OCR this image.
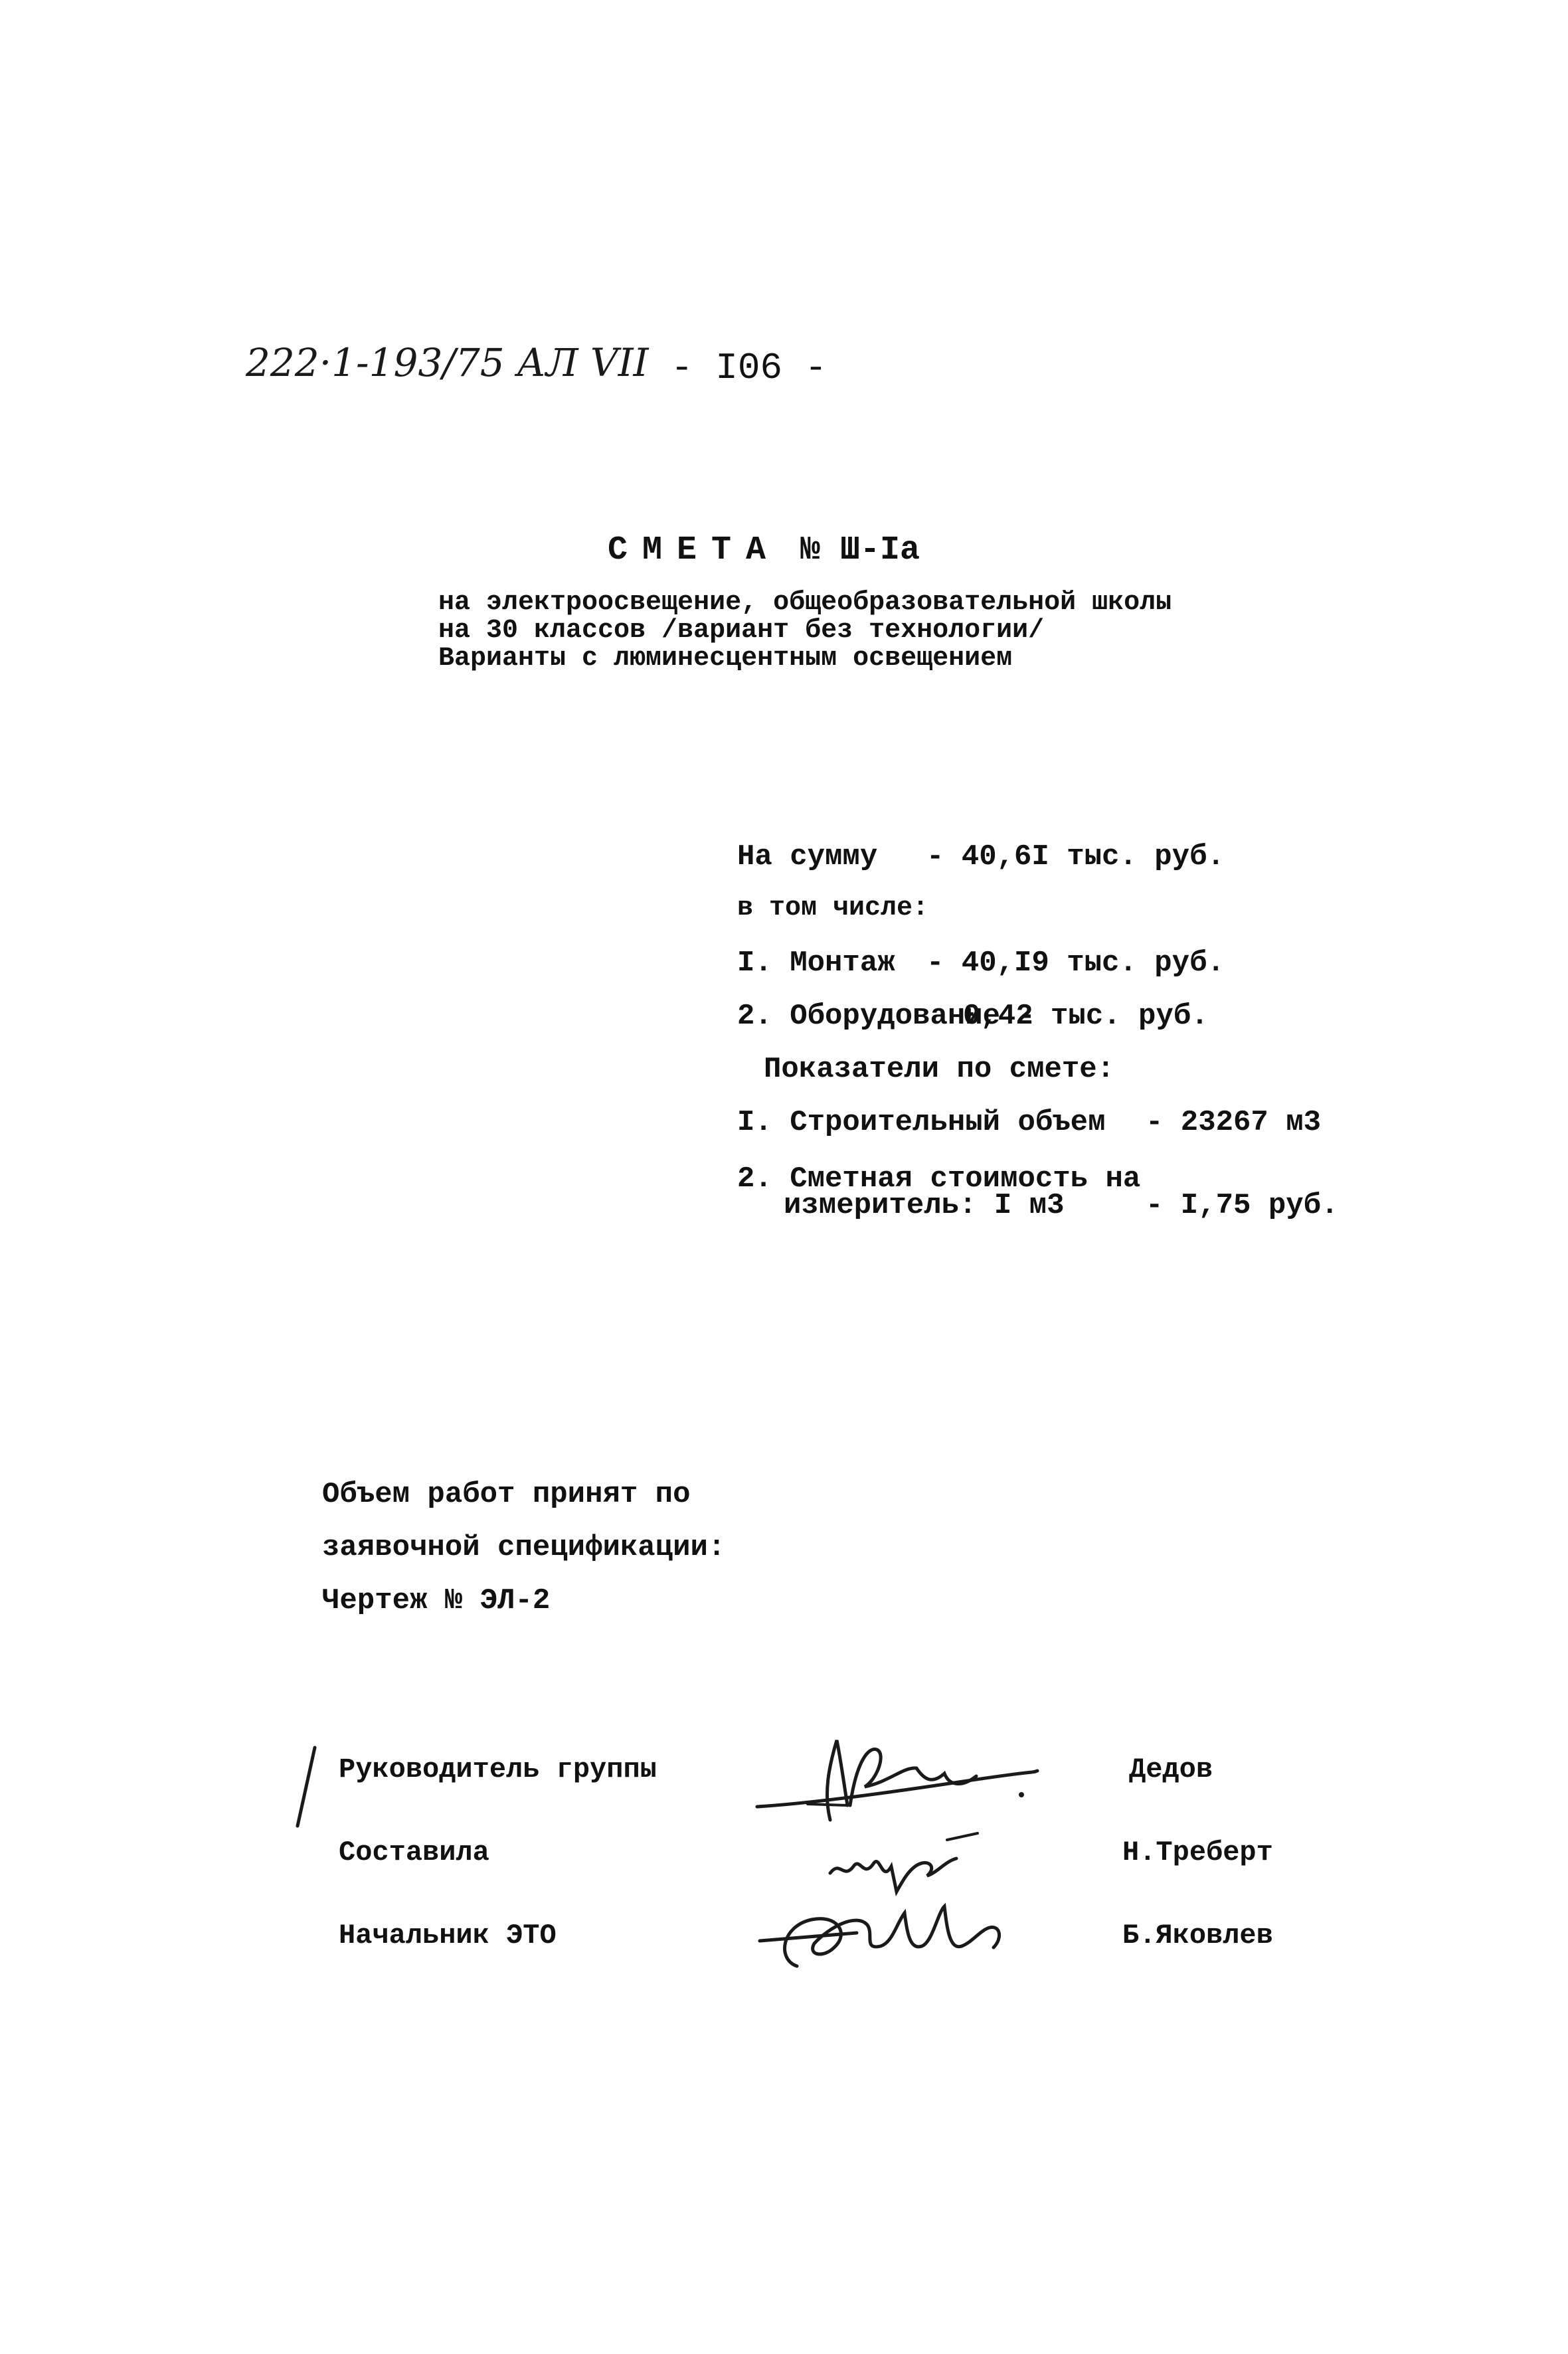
222·1-193/75 АЛ VII - I06 -
СМЕТА № Ш-Iа
на электроосвещение, общеобразовательной школы
на 30 классов /вариант без технологии/
Варианты с люминесцентным освещением
На сумму - 40,6I тыс. руб.
в том числе:
I. Монтаж - 40,I9 тыс. руб.
2. Оборудование -
0,42 тыс. руб.
Показатели по смете:
I. Строительный объем - 23267 м3
2. Сметная стоимость на
измеритель: I м3	- I,75 руб.
Объем работ принят по
заявочной спецификации:
Чертеж № ЭЛ-2
Руководитель группы
Составила
Начальник ЭТО
Дедов
Н.Треберт
Б.Яковлев
